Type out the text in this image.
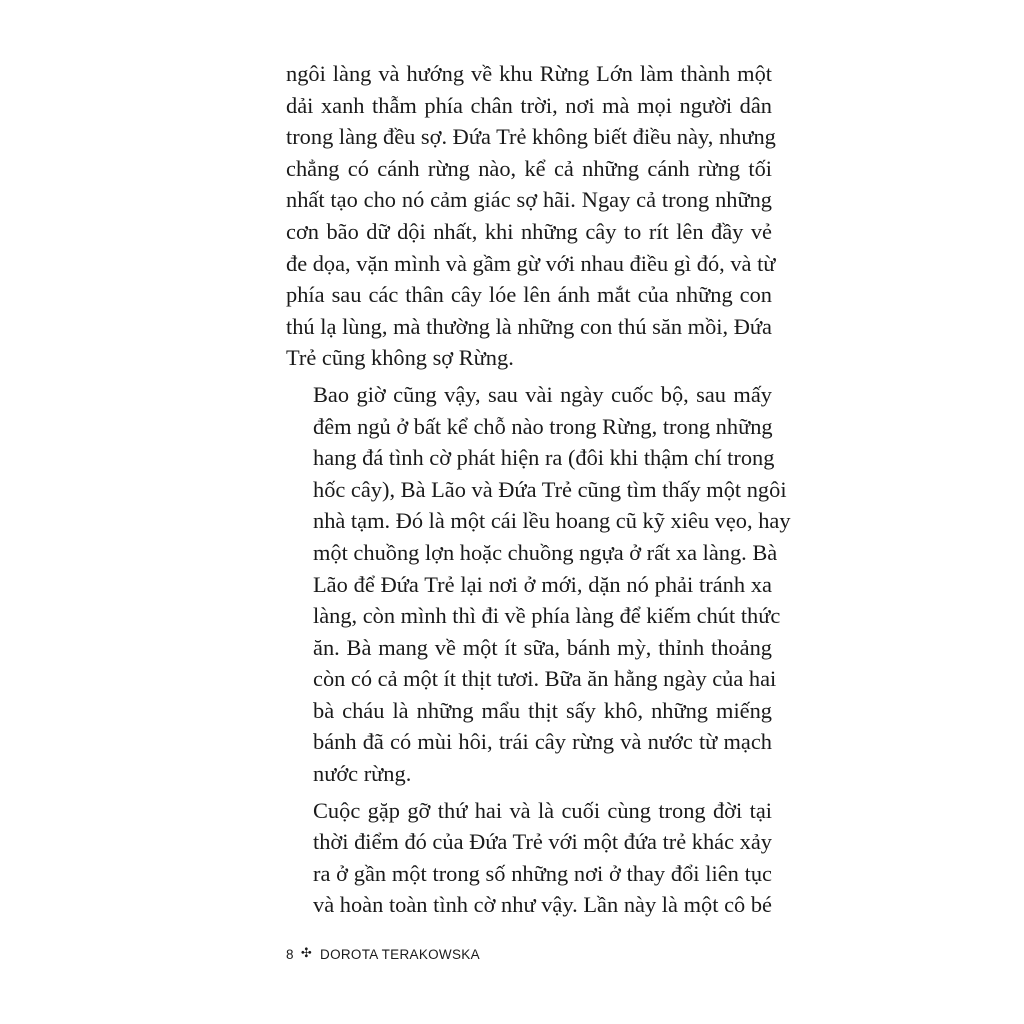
ngôi làng và hướng về khu Rừng Lớn làm thành một
dải xanh thẫm phía chân trời, nơi mà mọi người dân
trong làng đều sợ. Đứa Trẻ không biết điều này, nhưng
chẳng có cánh rừng nào, kể cả những cánh rừng tối
nhất tạo cho nó cảm giác sợ hãi. Ngay cả trong những
cơn bão dữ dội nhất, khi những cây to rít lên đầy vẻ
đe dọa, vặn mình và gầm gừ với nhau điều gì đó, và từ
phía sau các thân cây lóe lên ánh mắt của những con
thú lạ lùng, mà thường là những con thú săn mồi, Đứa
Trẻ cũng không sợ Rừng.

Bao giờ cũng vậy, sau vài ngày cuốc bộ, sau mấy
đêm ngủ ở bất kể chỗ nào trong Rừng, trong những
hang đá tình cờ phát hiện ra (đôi khi thậm chí trong
hốc cây), Bà Lão và Đứa Trẻ cũng tìm thấy một ngôi
nhà tạm. Đó là một cái lều hoang cũ kỹ xiêu vẹo, hay
một chuồng lợn hoặc chuồng ngựa ở rất xa làng. Bà
Lão để Đứa Trẻ lại nơi ở mới, dặn nó phải tránh xa
làng, còn mình thì đi về phía làng để kiếm chút thức
ăn. Bà mang về một ít sữa, bánh mỳ, thỉnh thoảng
còn có cả một ít thịt tươi. Bữa ăn hằng ngày của hai
bà cháu là những mẩu thịt sấy khô, những miếng
bánh đã có mùi hôi, trái cây rừng và nước từ mạch
nước rừng.

Cuộc gặp gỡ thứ hai và là cuối cùng trong đời tại
thời điểm đó của Đứa Trẻ với một đứa trẻ khác xảy
ra ở gần một trong số những nơi ở thay đổi liên tục
và hoàn toàn tình cờ như vậy. Lần này là một cô bé

8 ✣ DOROTA TERAKOWSKA
